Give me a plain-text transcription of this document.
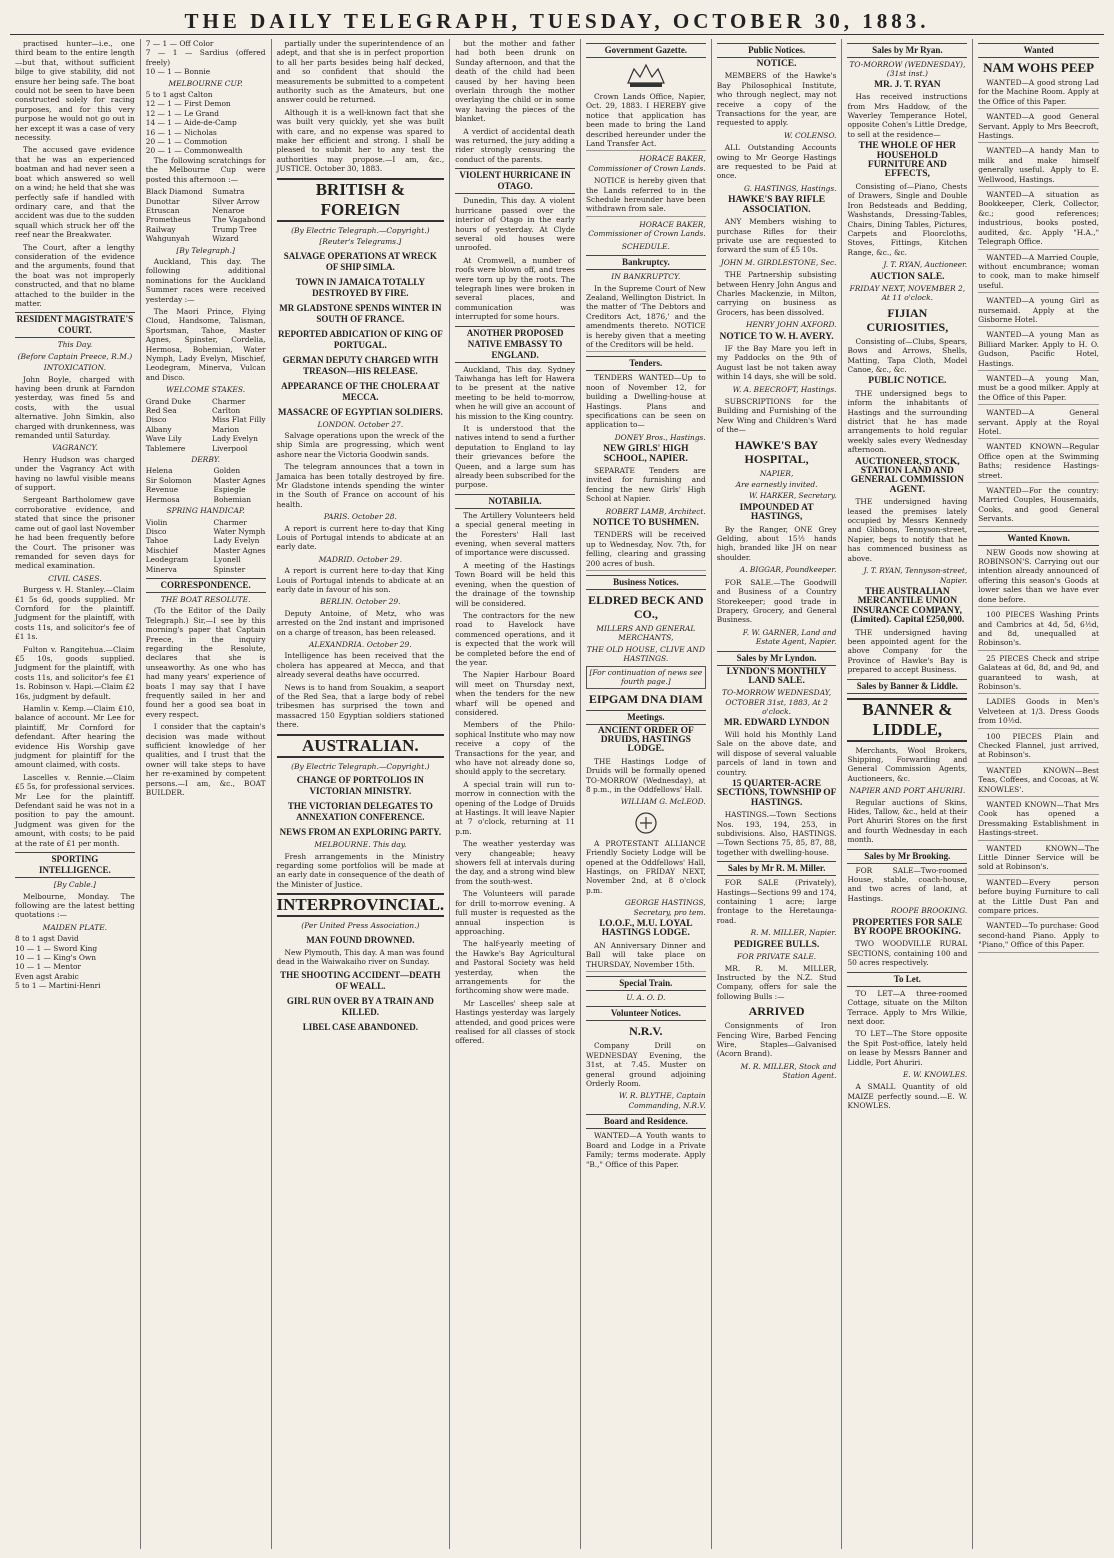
THE DAILY TELEGRAPH, TUESDAY, OCTOBER 30, 1883.

practised hunter—i.e., one third beam to the entire length—but that, without sufficient bilge to give stability, did not ensure her being safe. The boat could not be seen to have been constructed solely for racing purposes, and for this very purpose he would not go out in her except it was a case of very necessity.

The accused gave evidence that he was an experienced boatman and had never seen a boat which answered so well on a wind; he held that she was perfectly safe if handled with ordinary care, and that the accident was due to the sudden squall which struck her off the reef near the Breakwater.

The Court, after a lengthy consideration of the evidence and the arguments, found that the boat was not improperly constructed, and that no blame attached to the builder in the matter.

RESIDENT MAGISTRATE'S COURT.
This Day.
(Before Captain Preece, R.M.)
INTOXICATION.

John Boyle, charged with having been drunk at Farndon yesterday, was fined 5s and costs, with the usual alternative. John Simkin, also charged with drunkenness, was remanded until Saturday.

VAGRANCY.

Henry Hudson was charged under the Vagrancy Act with having no lawful visible means of support.

Sergeant Bartholomew gave corroborative evidence, and stated that since the prisoner came out of gaol last November he had been frequently before the Court. The prisoner was remanded for seven days for medical examination.

CIVIL CASES.

Burgess v. H. Stanley.—Claim £1 5s 6d, goods supplied. Mr Cornford for the plaintiff. Judgment for the plaintiff, with costs 11s, and solicitor's fee of £1 1s.

Fulton v. Rangitehua.—Claim £5 10s, goods supplied. Judgment for the plaintiff, with costs 11s, and solicitor's fee £1 1s. Robinson v. Hapi.—Claim £2 16s, judgment by default.

Hamlin v. Kemp.—Claim £10, balance of account. Mr Lee for plaintiff, Mr Cornford for defendant. After hearing the evidence His Worship gave judgment for plaintiff for the amount claimed, with costs.

Lascelles v. Rennie.—Claim £5 5s, for professional services. Mr Lee for the plaintiff. Defendant said he was not in a position to pay the amount. Judgment was given for the amount, with costs; to be paid at the rate of £1 per month.

SPORTING INTELLIGENCE.
[By Cable.]

Melbourne, Monday. The following are the latest betting quotations :—

MAIDEN PLATE.
8 to 1 agst David
10 — 1 — Sword King
10 — 1 — King's Own
10 — 1 — Mentor
Even agst Arabic
5 to 1 — Martini-Henri
7 — 1 — Off Color
7 — 1 — Sardius (offered freely)
10 — 1 — Bonnie
MELBOURNE CUP.
5 to 1 agst Calton
12 — 1 — First Demon
12 — 1 — Le Grand
14 — 1 — Aide-de-Camp
16 — 1 — Nicholas
20 — 1 — Commotion
20 — 1 — Commonwealth

The following scratchings for the Melbourne Cup were posted this afternoon :—

Black Diamond
Dunottar
Etruscan
Prometheus
Railway
Wahgunyah
Sumatra
Silver Arrow
Nenaroe
The Vagabond
Trump Tree
Wizard
[By Telegraph.]

Auckland, This day. The following additional nominations for the Auckland Summer races were received yesterday :—

The Maori Prince, Flying Cloud, Handsome, Talisman, Sportsman, Tahoe, Master Agnes, Spinster, Cordelia, Hermosa, Bohemian, Water Nymph, Lady Evelyn, Mischief, Leodegram, Minerva, Vulcan and Disco.

WELCOME STAKES.
Grand Duke
Red Sea
Disco
Albany
Wave Lily
Tablemere
Charmer
Carlton
Miss Flat Filly
Marion
Lady Evelyn
Liverpool
DERBY.
Helena
Sir Solomon
Revenue
Hermosa
Golden
Master Agnes
Espiegle
Bohemian
SPRING HANDICAP.
Violin
Disco
Tahoe
Mischief
Leodegram
Minerva
Charmer
Water Nymph
Lady Evelyn
Master Agnes
Lyonell
Spinster
CORRESPONDENCE.
THE BOAT RESOLUTE.

(To the Editor of the Daily Telegraph.) Sir,—I see by this morning's paper that Captain Preece, in the inquiry regarding the Resolute, declares that she is unseaworthy. As one who has had many years' experience of boats I may say that I have frequently sailed in her and found her a good sea boat in every respect.

I consider that the captain's decision was made without sufficient knowledge of her qualities, and I trust that the owner will take steps to have her re-examined by competent persons.—I am, &c., BOAT BUILDER.

partially under the superintendence of an adept, and that she is in perfect proportion to all her parts besides being half decked, and so confident that should the measurements be submitted to a competent authority such as the Amateurs, but one answer could be returned.

Although it is a well-known fact that she was built very quickly, yet she was built with care, and no expense was spared to make her efficient and strong. I shall be pleased to submit her to any test the authorities may propose.—I am, &c., JUSTICE. October 30, 1883.

BRITISH & FOREIGN
(By Electric Telegraph.—Copyright.)
[Reuter's Telegrams.]
SALVAGE OPERATIONS AT WRECK OF SHIP SIMLA.
TOWN IN JAMAICA TOTALLY DESTROYED BY FIRE.
MR GLADSTONE SPENDS WINTER IN SOUTH OF FRANCE.
REPORTED ABDICATION OF KING OF PORTUGAL.
GERMAN DEPUTY CHARGED WITH TREASON—HIS RELEASE.
APPEARANCE OF THE CHOLERA AT MECCA.
MASSACRE OF EGYPTIAN SOLDIERS.
LONDON. October 27.

Salvage operations upon the wreck of the ship Simla are progressing, which went ashore near the Victoria Goodwin sands.

The telegram announces that a town in Jamaica has been totally destroyed by fire. Mr Gladstone intends spending the winter in the South of France on account of his health.

PARIS. October 28.

A report is current here to-day that King Louis of Portugal intends to abdicate at an early date.

MADRID. October 29.

A report is current here to-day that King Louis of Portugal intends to abdicate at an early date in favour of his son.

BERLIN. October 29.

Deputy Antoine, of Metz, who was arrested on the 2nd instant and imprisoned on a charge of treason, has been released.

ALEXANDRIA. October 29.

Intelligence has been received that the cholera has appeared at Mecca, and that already several deaths have occurred.

News is to hand from Souakim, a seaport of the Red Sea, that a large body of rebel tribesmen has surprised the town and massacred 150 Egyptian soldiers stationed there.

AUSTRALIAN.
(By Electric Telegraph.—Copyright.)
CHANGE OF PORTFOLIOS IN VICTORIAN MINISTRY.
THE VICTORIAN DELEGATES TO ANNEXATION CONFERENCE.
NEWS FROM AN EXPLORING PARTY.
MELBOURNE. This day.

Fresh arrangements in the Ministry regarding some portfolios will be made at an early date in consequence of the death of the Minister of Justice.

INTERPROVINCIAL.
(Per United Press Association.)
MAN FOUND DROWNED.

New Plymouth, This day. A man was found dead in the Waiwakaiho river on Sunday.

THE SHOOTING ACCIDENT—DEATH OF WEALL.
GIRL RUN OVER BY A TRAIN AND KILLED.
LIBEL CASE ABANDONED.

but the mother and father had both been drunk on Sunday afternoon, and that the death of the child had been caused by her having been overlain through the mother overlaying the child or in some way having the pieces of the blanket.

A verdict of accidental death was returned, the jury adding a rider strongly censuring the conduct of the parents.

VIOLENT HURRICANE IN OTAGO.

Dunedin, This day. A violent hurricane passed over the interior of Otago in the early hours of yesterday. At Clyde several old houses were unroofed.

At Cromwell, a number of roofs were blown off, and trees were torn up by the roots. The telegraph lines were broken in several places, and communication was interrupted for some hours.

ANOTHER PROPOSED NATIVE EMBASSY TO ENGLAND.

Auckland, This day. Sydney Taiwhanga has left for Hawera to be present at the native meeting to be held to-morrow, when he will give an account of his mission to the King country.

It is understood that the natives intend to send a further deputation to England to lay their grievances before the Queen, and a large sum has already been subscribed for the purpose.

NOTABILIA.

The Artillery Volunteers held a special general meeting in the Foresters' Hall last evening, when several matters of importance were discussed.

A meeting of the Hastings Town Board will be held this evening, when the question of the drainage of the township will be considered.

The contractors for the new road to Havelock have commenced operations, and it is expected that the work will be completed before the end of the year.

The Napier Harbour Board will meet on Thursday next, when the tenders for the new wharf will be opened and considered.

Members of the Philo-sophical Institute who may now receive a copy of the Transactions for the year, and who have not already done so, should apply to the secretary.

A special train will run to-morrow in connection with the opening of the Lodge of Druids at Hastings. It will leave Napier at 7 o'clock, returning at 11 p.m.

The weather yesterday was very changeable; heavy showers fell at intervals during the day, and a strong wind blew from the south-west.

The Volunteers will parade for drill to-morrow evening. A full muster is requested as the annual inspection is approaching.

The half-yearly meeting of the Hawke's Bay Agricultural and Pastoral Society was held yesterday, when the arrangements for the forthcoming show were made.

Mr Lascelles' sheep sale at Hastings yesterday was largely attended, and good prices were realised for all classes of stock offered.

Government Gazette.

Crown Lands Office, Napier, Oct. 29, 1883. I HEREBY give notice that application has been made to bring the Land described hereunder under the Land Transfer Act.

HORACE BAKER, Commissioner of Crown Lands.

NOTICE is hereby given that the Lands referred to in the Schedule hereunder have been withdrawn from sale.

HORACE BAKER, Commissioner of Crown Lands.
SCHEDULE.
Bankruptcy.
IN BANKRUPTCY.

In the Supreme Court of New Zealand, Wellington District. In the matter of 'The Debtors and Creditors Act, 1876,' and the amendments thereto. NOTICE is hereby given that a meeting of the Creditors will be held.

Tenders.

TENDERS WANTED—Up to noon of November 12, for building a Dwelling-house at Hastings. Plans and specifications can be seen on application to—

DONEY Bros., Hastings.
NEW GIRLS' HIGH SCHOOL, NAPIER.

SEPARATE Tenders are invited for furnishing and fencing the new Girls' High School at Napier.

ROBERT LAMB, Architect.
NOTICE TO BUSHMEN.

TENDERS will be received up to Wednesday, Nov. 7th, for felling, clearing and grassing 200 acres of bush.

Business Notices.
ELDRED BECK AND CO.,
MILLERS AND GENERAL MERCHANTS,
THE OLD HOUSE, CLIVE AND HASTINGS.
[For continuation of news see fourth page.]
EIPGAM DNA DIAM
Meetings.
ANCIENT ORDER OF DRUIDS, HASTINGS LODGE.

THE Hastings Lodge of Druids will be formally opened TO-MORROW (Wednesday), at 8 p.m., in the Oddfellows' Hall.

WILLIAM G. McLEOD.

A PROTESTANT ALLIANCE Friendly Society Lodge will be opened at the Oddfellows' Hall, Hastings, on FRIDAY NEXT, November 2nd, at 8 o'clock p.m.

GEORGE HASTINGS, Secretary, pro tem.
I.O.O.F., M.U. LOYAL HASTINGS LODGE.

AN Anniversary Dinner and Ball will take place on THURSDAY, November 15th.

Special Train.
U. A. O. D.
Volunteer Notices.
N.R.V.

Company Drill on WEDNESDAY Evening, the 31st, at 7.45. Muster on general ground adjoining Orderly Room.

W. R. BLYTHE, Captain Commanding, N.R.V.
Board and Residence.

WANTED—A Youth wants to Board and Lodge in a Private Family; terms moderate. Apply "B.," Office of this Paper.

Public Notices.
NOTICE.

MEMBERS of the Hawke's Bay Philosophical Institute, who through neglect, may not receive a copy of the Transactions for the year, are requested to apply.

W. COLENSO.

ALL Outstanding Accounts owing to Mr George Hastings are requested to be Paid at once.

G. HASTINGS, Hastings.
HAWKE'S BAY RIFLE ASSOCIATION.

ANY Members wishing to purchase Rifles for their private use are requested to forward the sum of £5 10s.

JOHN M. GIRDLESTONE, Sec.

THE Partnership subsisting between Henry John Angus and Charles Mackenzie, in Milton, carrying on business as Grocers, has been dissolved.

HENRY JOHN AXFORD.
NOTICE TO W. H. AVERY.

IF the Bay Mare you left in my Paddocks on the 9th of August last be not taken away within 14 days, she will be sold.

W. A. BEECROFT, Hastings.

SUBSCRIPTIONS for the Building and Furnishing of the New Wing and Children's Ward of the—

HAWKE'S BAY HOSPITAL,
NAPIER,
Are earnestly invited.
W. HARKER, Secretary.
IMPOUNDED AT HASTINGS,

By the Ranger, ONE Grey Gelding, about 15½ hands high, branded like JH on near shoulder.

A. BIGGAR, Poundkeeper.

FOR SALE.—The Goodwill and Business of a Country Storekeeper; good trade in Drapery, Grocery, and General Business.

F. W. GARNER, Land and Estate Agent, Napier.
Sales by Mr Lyndon.
LYNDON'S MONTHLY LAND SALE.
TO-MORROW WEDNESDAY, OCTOBER 31st, 1883, At 2 o'clock.
MR. EDWARD LYNDON

Will hold his Monthly Land Sale on the above date, and will dispose of several valuable parcels of land in town and country.

15 QUARTER-ACRE SECTIONS, TOWNSHIP OF HASTINGS.

HASTINGS.—Town Sections Nos. 193, 194, 253, in subdivisions. Also, HASTINGS.—Town Sections 75, 85, 87, 88, together with dwelling-house.

Sales by Mr R. M. Miller.

FOR SALE (Privately), Hastings—Sections 99 and 174, containing 1 acre; large frontage to the Heretaunga-road.

R. M. MILLER, Napier.
PEDIGREE BULLS.
FOR PRIVATE SALE.

MR. R. M. MILLER, Instructed by the N.Z. Stud Company, offers for sale the following Bulls :—

ARRIVED

Consignments of Iron Fencing Wire, Barbed Fencing Wire, Staples—Galvanised (Acorn Brand).

M. R. MILLER, Stock and Station Agent.
Sales by Mr Ryan.
TO-MORROW (WEDNESDAY), (31st inst.)
MR. J. T. RYAN

Has received instructions from Mrs Haddow, of the Waverley Temperance Hotel, opposite Cohen's Little Dredge, to sell at the residence—

THE WHOLE OF HER HOUSEHOLD FURNITURE AND EFFECTS,

Consisting of—Piano, Chests of Drawers, Single and Double Iron Bedsteads and Bedding, Washstands, Dressing-Tables, Chairs, Dining Tables, Pictures, Carpets and Floorcloths, Stoves, Fittings, Kitchen Range, &c., &c.

J. T. RYAN, Auctioneer.
AUCTION SALE.
FRIDAY NEXT, NOVEMBER 2, At 11 o'clock.
FIJIAN CURIOSITIES,

Consisting of—Clubs, Spears, Bows and Arrows, Shells, Matting, Tapa Cloth, Model Canoe, &c., &c.

PUBLIC NOTICE.

THE undersigned begs to inform the inhabitants of Hastings and the surrounding district that he has made arrangements to hold regular weekly sales every Wednesday afternoon.

AUCTIONEER, STOCK, STATION LAND AND GENERAL COMMISSION AGENT.

THE undersigned having leased the premises lately occupied by Messrs Kennedy and Gibbons, Tennyson-street, Napier, begs to notify that he has commenced business as above.

J. T. RYAN, Tennyson-street, Napier.
THE AUSTRALIAN MERCANTILE UNION INSURANCE COMPANY, (Limited). Capital £250,000.

THE undersigned having been appointed agent for the above Company for the Province of Hawke's Bay is prepared to accept Business.

Sales by Banner & Liddle.
BANNER & LIDDLE,

Merchants, Wool Brokers, Shipping, Forwarding and General Commission Agents, Auctioneers, &c.

NAPIER AND PORT AHURIRI.

Regular auctions of Skins, Hides, Tallow, &c., held at their Port Ahuriri Stores on the first and fourth Wednesday in each month.

Sales by Mr Brooking.

FOR SALE—Two-roomed House, stable, coach-house, and two acres of land, at Hastings.

ROOPE BROOKING.
PROPERTIES FOR SALE BY ROOPE BROOKING.

TWO WOODVILLE RURAL SECTIONS, containing 100 and 50 acres respectively.

To Let.

TO LET—A three-roomed Cottage, situate on the Milton Terrace. Apply to Mrs Wilkie, next door.

TO LET—The Store opposite the Spit Post-office, lately held on lease by Messrs Banner and Liddle, Port Ahuriri.

E. W. KNOWLES.

A SMALL Quantity of old MAIZE perfectly sound.—E. W. KNOWLES.

Wanted
NAM WOHS PEEP

WANTED—A good strong Lad for the Machine Room. Apply at the Office of this Paper.

WANTED—A good General Servant. Apply to Mrs Beecroft, Hastings.

WANTED—A handy Man to milk and make himself generally useful. Apply to E. Wellwood, Hastings.

WANTED—A situation as Bookkeeper, Clerk, Collector, &c.; good references; industrious, books posted, audited, &c. Apply "H.A.," Telegraph Office.

WANTED—A Married Couple, without encumbrance; woman to cook, man to make himself useful.

WANTED—A young Girl as nursemaid. Apply at the Gisborne Hotel.

WANTED—A young Man as Billiard Marker. Apply to H. O. Gudson, Pacific Hotel, Hastings.

WANTED—A young Man, must be a good milker. Apply at the Office of this Paper.

WANTED—A General servant. Apply at the Royal Hotel.

WANTED KNOWN—Regular Office open at the Swimming Baths; residence Hastings-street.

WANTED—For the country: Married Couples, Housemaids, Cooks, and good General Servants.

Wanted Known.

NEW Goods now showing at ROBINSON'S. Carrying out our intention already announced of offering this season's Goods at lower sales than we have ever done before.

100 PIECES Washing Prints and Cambrics at 4d, 5d, 6½d, and 8d, unequalled at Robinson's.

25 PIECES Check and stripe Galateas at 6d, 8d, and 9d, and guaranteed to wash, at Robinson's.

LADIES Goods in Men's Velveteen at 1/3. Dress Goods from 10½d.

100 PIECES Plain and Checked Flannel, just arrived, at Robinson's.

WANTED KNOWN—Best Teas, Coffees, and Cocoas, at W. KNOWLES'.

WANTED KNOWN—That Mrs Cook has opened a Dressmaking Establishment in Hastings-street.

WANTED KNOWN—The Little Dinner Service will be sold at Robinson's.

WANTED—Every person before buying Furniture to call at the Little Dust Pan and compare prices.

WANTED—To purchase: Good second-hand Piano. Apply to "Piano," Office of this Paper.
